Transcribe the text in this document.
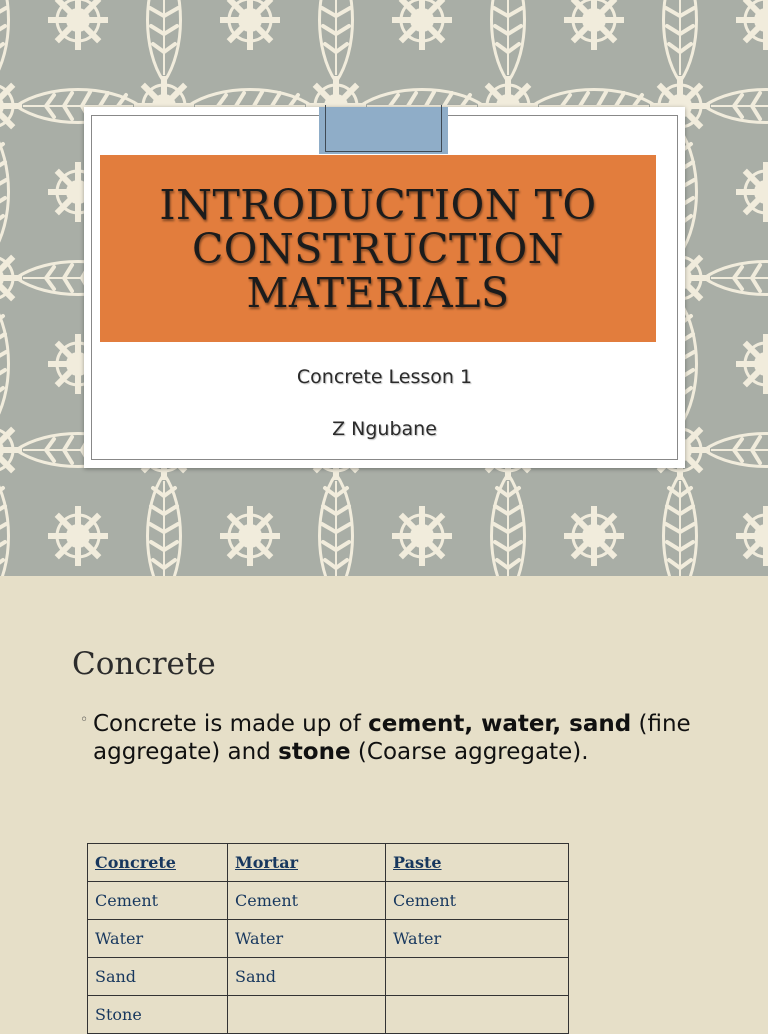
INTRODUCTION TO CONSTRUCTION MATERIALS
Concrete Lesson 1
Z Ngubane
Concrete
◦ Concrete is made up of cement, water, sand (fine aggregate) and stone (Coarse aggregate).
Concrete	Mortar	Paste
Cement	Cement	Cement
Water	Water	Water
Sand	Sand	
Stone		
